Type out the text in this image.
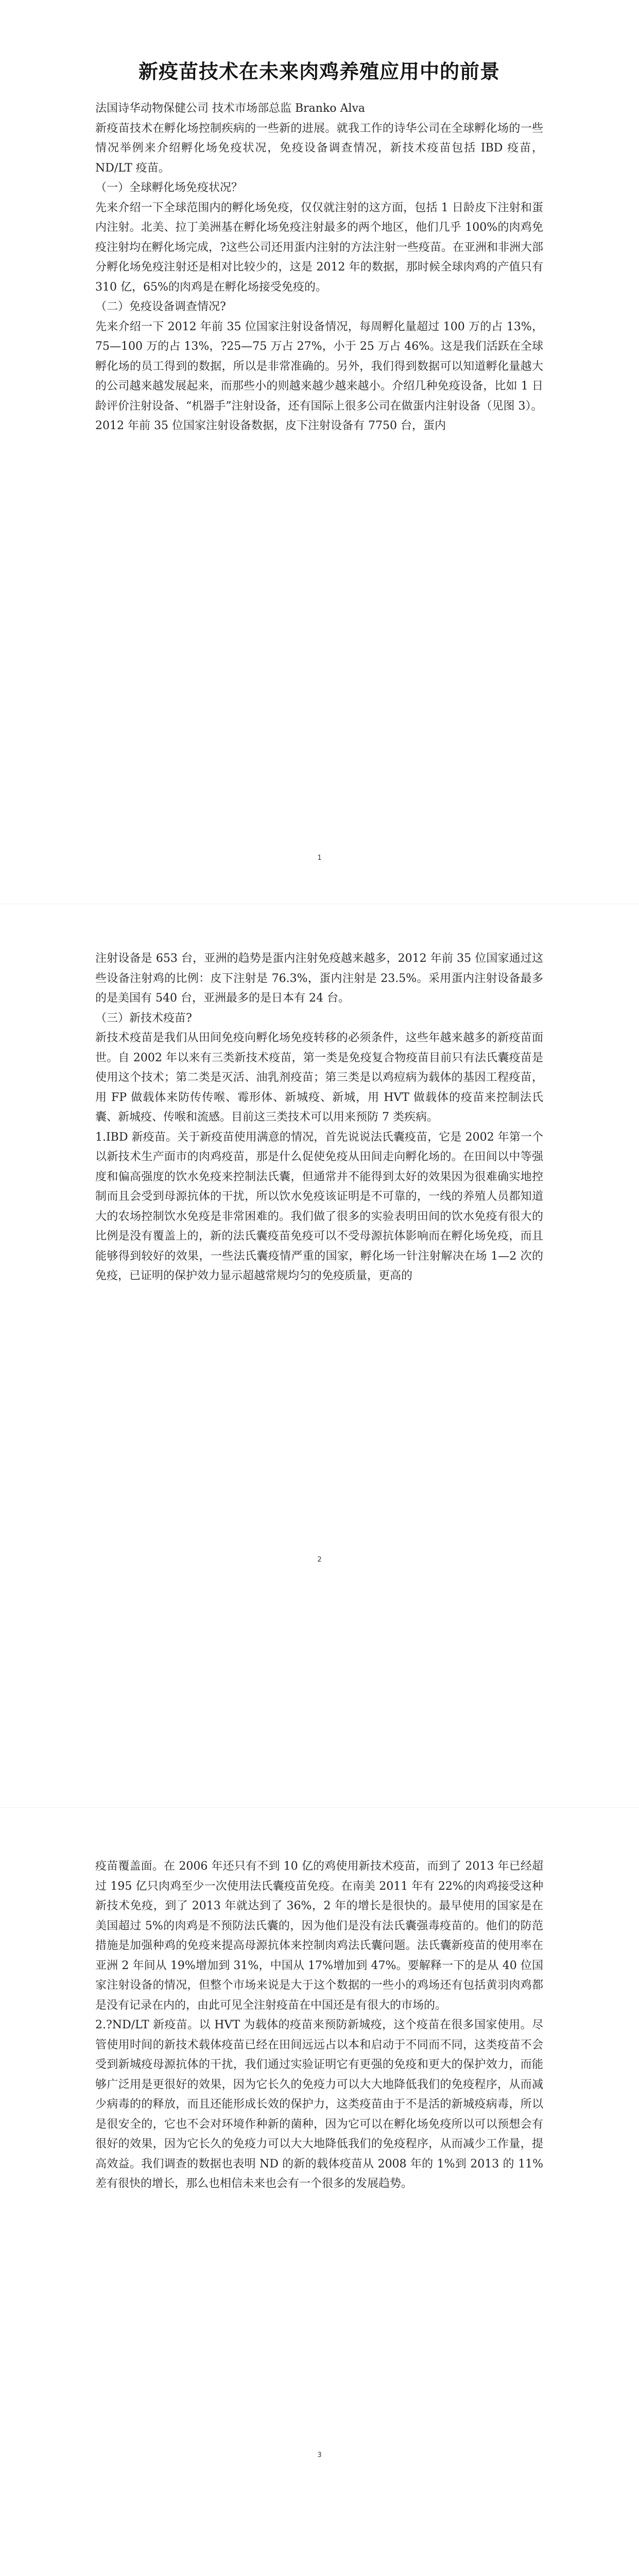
新疫苗技术在未来肉鸡养殖应用中的前景

法国诗华动物保健公司 技术市场部总监 Branko Alva

新疫苗技术在孵化场控制疾病的一些新的进展。就我工作的诗华公司在全球孵化场的一些情况举例来介绍孵化场免疫状况，免疫设备调查情况，新技术疫苗包括 IBD 疫苗，ND/LT 疫苗。

（一）全球孵化场免疫状况？

先来介绍一下全球范围内的孵化场免疫，仅仅就注射的这方面，包括 1 日龄皮下注射和蛋内注射。北美、拉丁美洲基在孵化场免疫注射最多的两个地区，他们几乎 100%的肉鸡免疫注射均在孵化场完成，?这些公司还用蛋内注射的方法注射一些疫苗。在亚洲和非洲大部分孵化场免疫注射还是相对比较少的，这是 2012 年的数据，那时候全球肉鸡的产值只有 310 亿，65%的肉鸡是在孵化场接受免疫的。

（二）免疫设备调查情况?

先来介绍一下 2012 年前 35 位国家注射设备情况，每周孵化量超过 100 万的占 13%，75—100 万的占 13%，?25—75 万占 27%，小于 25 万占 46%。这是我们活跃在全球孵化场的员工得到的数据，所以是非常准确的。另外，我们得到数据可以知道孵化量越大的公司越来越发展起来，而那些小的则越来越少越来越小。介绍几种免疫设备，比如 1 日龄评价注射设备、“机器手”注射设备，还有国际上很多公司在做蛋内注射设备（见图 3）。

2012 年前 35 位国家注射设备数据，皮下注射设备有 7750 台，蛋内

1

注射设备是 653 台，亚洲的趋势是蛋内注射免疫越来越多，2012 年前 35 位国家通过这些设备注射鸡的比例：皮下注射是 76.3%，蛋内注射是 23.5%。采用蛋内注射设备最多的是美国有 540 台，亚洲最多的是日本有 24 台。

（三）新技术疫苗?

新技术疫苗是我们从田间免疫向孵化场免疫转移的必须条件，这些年越来越多的新疫苗面世。自 2002 年以来有三类新技术疫苗，第一类是免疫复合物疫苗目前只有法氏囊疫苗是使用这个技术；第二类是灭活、油乳剂疫苗；第三类是以鸡痘病为载体的基因工程疫苗，用 FP 做载体来防传传喉、霉形体、新城疫、新城，用 HVT 做载体的疫苗来控制法氏囊、新城疫、传喉和流感。目前这三类技术可以用来预防 7 类疾病。

1.IBD 新疫苗。关于新疫苗使用满意的情况，首先说说法氏囊疫苗，它是 2002 年第一个以新技术生产面市的肉鸡疫苗，那是什么促使免疫从田间走向孵化场的。在田间以中等强度和偏高强度的饮水免疫来控制法氏囊，但通常并不能得到太好的效果因为很难确实地控制而且会受到母源抗体的干扰，所以饮水免疫该证明是不可靠的，一线的养殖人员都知道大的农场控制饮水免疫是非常困难的。我们做了很多的实验表明田间的饮水免疫有很大的比例是没有覆盖上的，新的法氏囊疫苗免疫可以不受母源抗体影响而在孵化场免疫，而且能够得到较好的效果，一些法氏囊疫情严重的国家，孵化场一针注射解决在场 1—2 次的免疫，已证明的保护效力显示超越常规均匀的免疫质量，更高的

2

疫苗覆盖面。在 2006 年还只有不到 10 亿的鸡使用新技术疫苗，而到了 2013 年已经超过 195 亿只肉鸡至少一次使用法氏囊疫苗免疫。在南美 2011 年有 22%的肉鸡接受这种新技术免疫，到了 2013 年就达到了 36%，2 年的增长是很快的。最早使用的国家是在美国超过 5%的肉鸡是不预防法氏囊的，因为他们是没有法氏囊强毒疫苗的。他们的防范措施是加强种鸡的免疫来提高母源抗体来控制肉鸡法氏囊问题。法氏囊新疫苗的使用率在亚洲 2 年间从 19%增加到 31%，中国从 17%增加到 47%。要解释一下的是从 40 位国家注射设备的情况，但整个市场来说是大于这个数据的一些小的鸡场还有包括黄羽肉鸡都是没有记录在内的，由此可见全注射疫苗在中国还是有很大的市场的。

2.?ND/LT 新疫苗。以 HVT 为载体的疫苗来预防新城疫，这个疫苗在很多国家使用。尽管使用时间的新技术载体疫苗已经在田间远远占以本和启动于不同而不同，这类疫苗不会受到新城疫母源抗体的干扰，我们通过实验证明它有更强的免疫和更大的保护效力，而能够广泛用是更很好的效果，因为它长久的免疫力可以大大地降低我们的免疫程序，从而减少病毒的的释放，而且还能形成长效的保护力，这类疫苗由于不是活的新城疫病毒，所以是很安全的，它也不会对环境作种新的菌种，因为它可以在孵化场免疫所以可以预想会有很好的效果，因为它长久的免疫力可以大大地降低我们的免疫程序，从而减少工作量，提高效益。我们调查的数据也表明 ND 的新的载体疫苗从 2008 年的 1%到 2013 的 11%差有很快的增长，那么也相信未来也会有一个很多的发展趋势。

3
